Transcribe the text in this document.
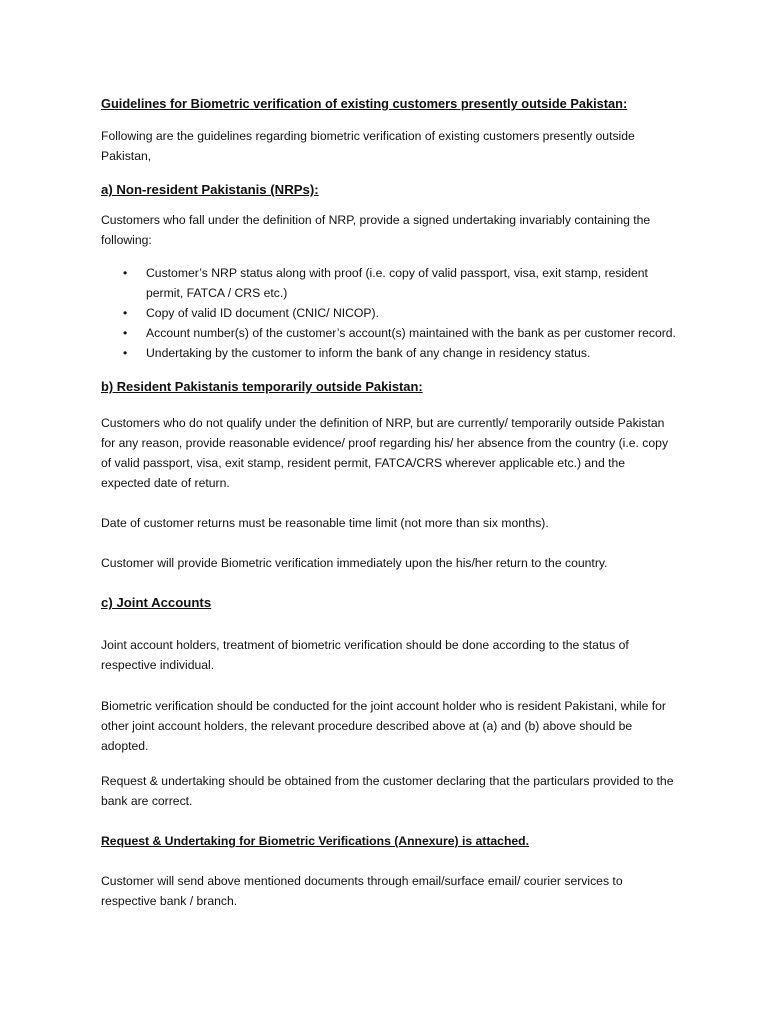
Guidelines for Biometric verification of existing customers presently outside Pakistan:

Following are the guidelines regarding biometric verification of existing customers presently outside Pakistan,

a) Non-resident Pakistanis (NRPs):

Customers who fall under the definition of NRP, provide a signed undertaking invariably containing the following:

• Customer’s NRP status along with proof (i.e. copy of valid passport, visa, exit stamp, resident permit, FATCA / CRS etc.)
• Copy of valid ID document (CNIC/ NICOP).
• Account number(s) of the customer’s account(s) maintained with the bank as per customer record.
• Undertaking by the customer to inform the bank of any change in residency status.
b) Resident Pakistanis temporarily outside Pakistan:

Customers who do not qualify under the definition of NRP, but are currently/ temporarily outside Pakistan for any reason, provide reasonable evidence/ proof regarding his/ her absence from the country (i.e. copy of valid passport, visa, exit stamp, resident permit, FATCA/CRS wherever applicable etc.) and the expected date of return.

Date of customer returns must be reasonable time limit (not more than six months).

Customer will provide Biometric verification immediately upon the his/her return to the country.

c) Joint Accounts

Joint account holders, treatment of biometric verification should be done according to the status of respective individual.

Biometric verification should be conducted for the joint account holder who is resident Pakistani, while for other joint account holders, the relevant procedure described above at (a) and (b) above should be adopted.

Request & undertaking should be obtained from the customer declaring that the particulars provided to the bank are correct.

Request & Undertaking for Biometric Verifications (Annexure) is attached.

Customer will send above mentioned documents through email/surface email/ courier services to respective bank / branch.
